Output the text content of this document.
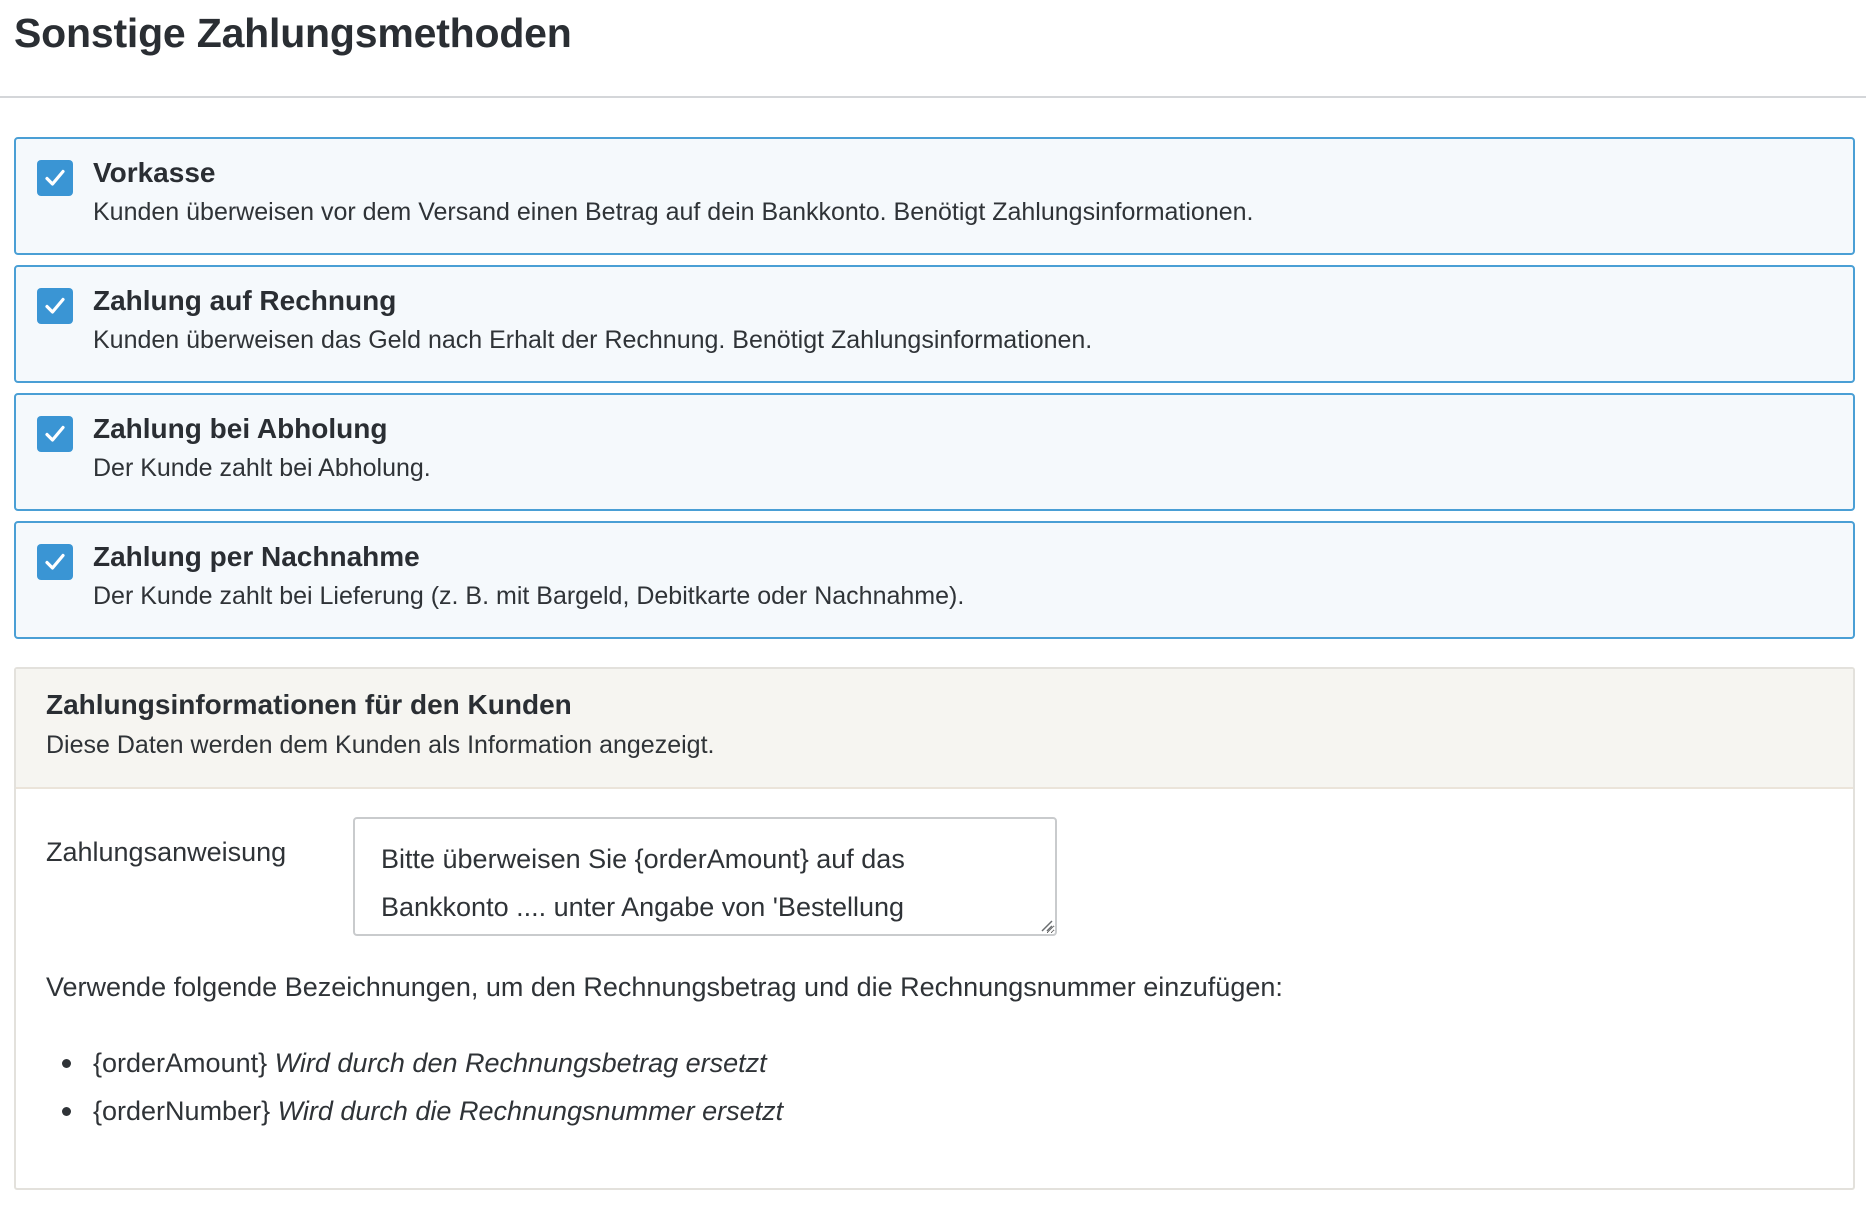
Sonstige Zahlungsmethoden
Vorkasse
Kunden überweisen vor dem Versand einen Betrag auf dein Bankkonto. Benötigt Zahlungsinformationen.
Zahlung auf Rechnung
Kunden überweisen das Geld nach Erhalt der Rechnung. Benötigt Zahlungsinformationen.
Zahlung bei Abholung
Der Kunde zahlt bei Abholung.
Zahlung per Nachnahme
Der Kunde zahlt bei Lieferung (z. B. mit Bargeld, Debitkarte oder Nachnahme).
Zahlungsinformationen für den Kunden
Diese Daten werden dem Kunden als Information angezeigt.
Zahlungsanweisung
Bitte überweisen Sie {orderAmount} auf das Bankkonto .... unter Angabe von 'Bestellung
Verwende folgende Bezeichnungen, um den Rechnungsbetrag und die Rechnungsnummer einzufügen:
{orderAmount} Wird durch den Rechnungsbetrag ersetzt
{orderNumber} Wird durch die Rechnungsnummer ersetzt
